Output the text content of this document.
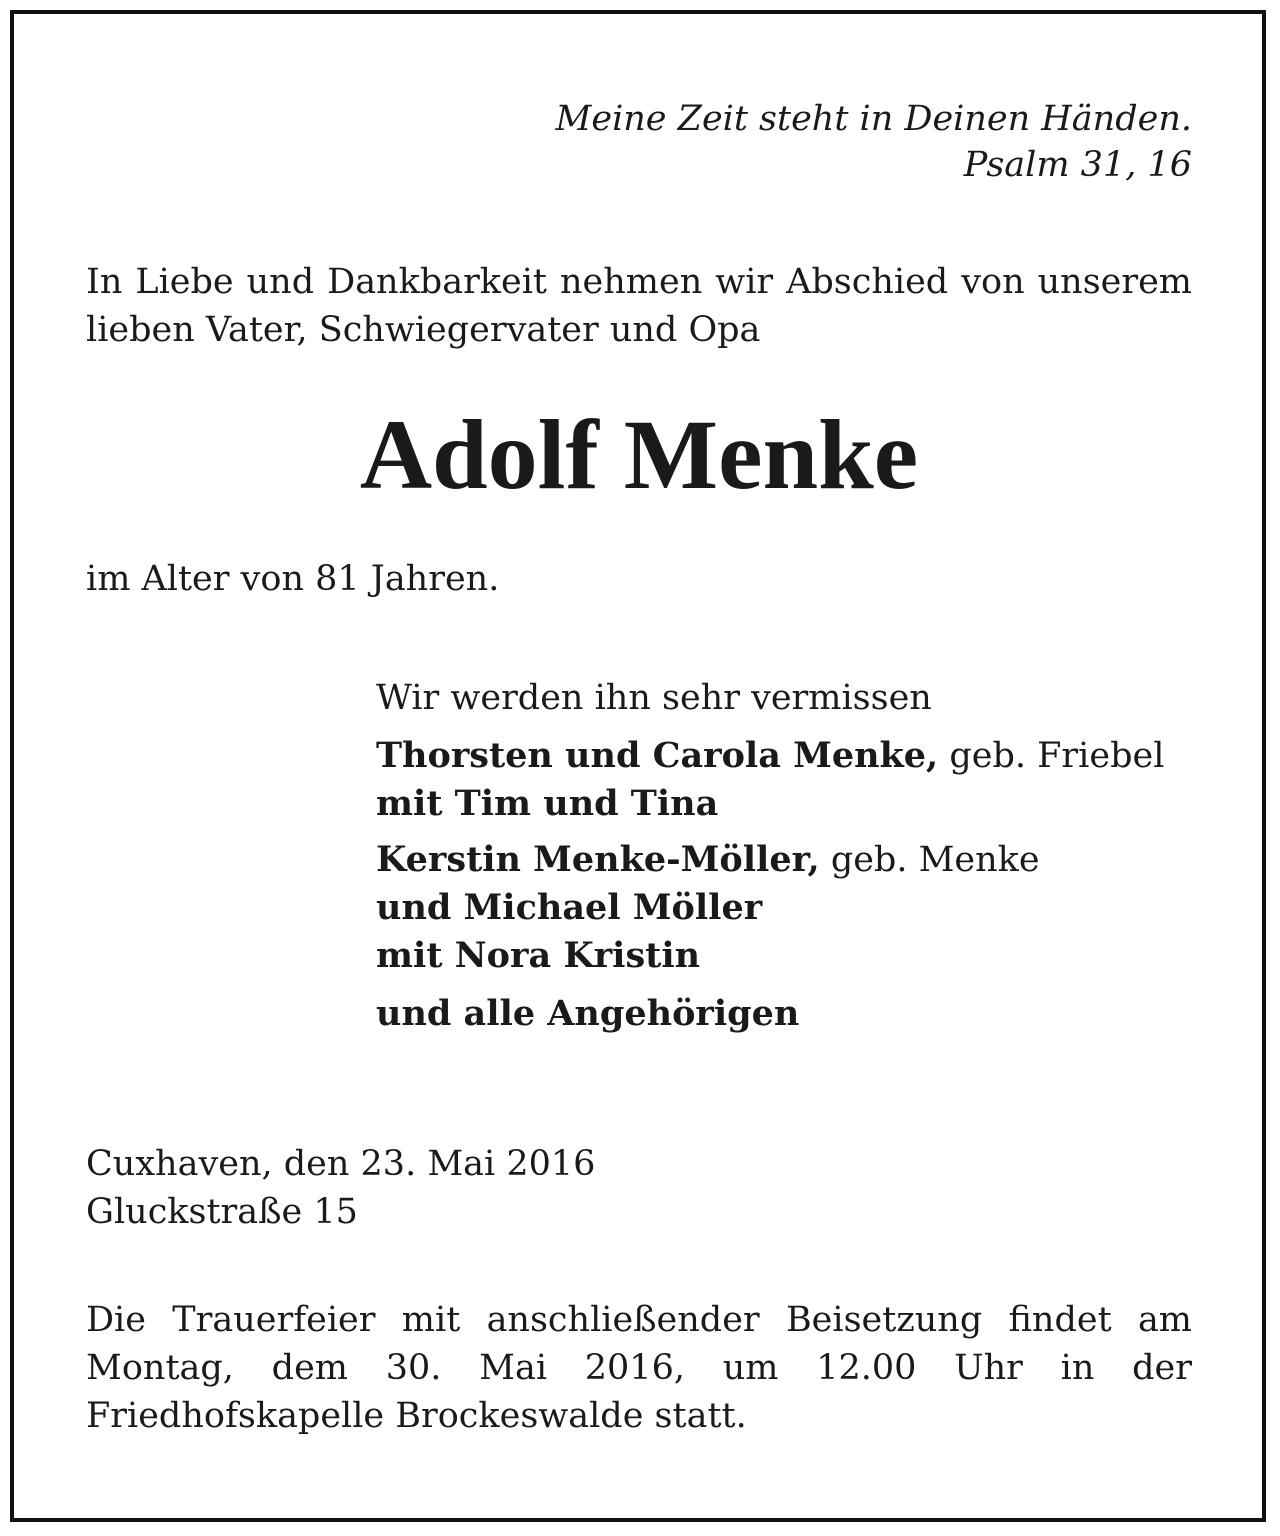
Meine Zeit steht in Deinen Händen.
Psalm 31, 16
In Liebe und Dankbarkeit nehmen wir Abschied von unserem lieben Vater, Schwiegervater und Opa
Adolf Menke
im Alter von 81 Jahren.
Wir werden ihn sehr vermissen
Thorsten und Carola Menke, geb. Friebel
mit Tim und Tina
Kerstin Menke-Möller, geb. Menke
und Michael Möller
mit Nora Kristin
und alle Angehörigen
Cuxhaven, den 23. Mai 2016
Gluckstraße 15
Die Trauerfeier mit anschließender Beisetzung findet am Montag, dem 30. Mai 2016, um 12.00 Uhr in der Friedhofskapelle Brockeswalde statt.
